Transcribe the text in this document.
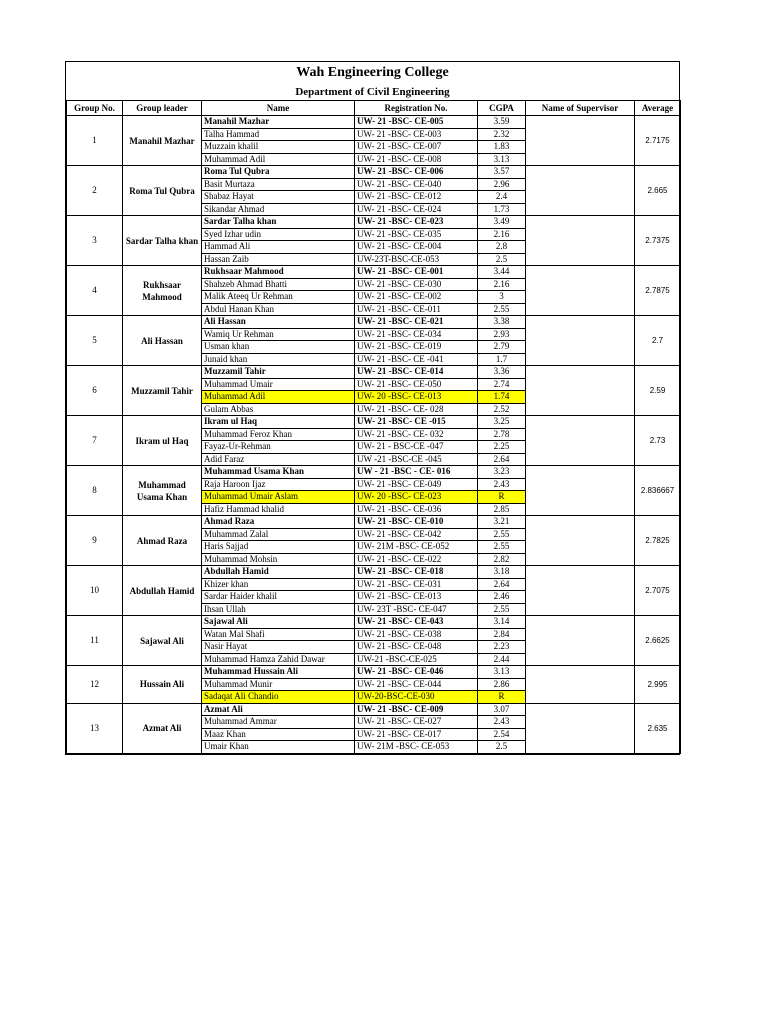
Wah Engineering College
Department of Civil Engineering
Group No.	Group leader	Name	Registration No.	CGPA	Name of Supervisor	Average
1	Manahil Mazhar	Manahil Mazhar	UW- 21 -BSC- CE-005	3.59		2.7175
		Talha Hammad	UW- 21 -BSC- CE-003	2.32		
		Muzzain khalil	UW- 21 -BSC- CE-007	1.83		
		Muhammad Adil	UW- 21 -BSC- CE-008	3.13		
2	Roma Tul Qubra	Roma Tul Qubra	UW- 21 -BSC- CE-006	3.57		2.665
		Basit Murtaza	UW- 21 -BSC- CE-040	2.96		
		Shabaz Hayat	UW- 21 -BSC- CE-012	2.4		
		Sikandar Ahmad	UW- 21 -BSC- CE-024	1.73		
3	Sardar Talha khan	Sardar Talha khan	UW- 21 -BSC- CE-023	3.49		2.7375
		Syed Izhar udin	UW- 21 -BSC- CE-035	2.16		
		Hammad Ali	UW- 21 -BSC- CE-004	2.8		
		Hassan Zaib	UW-23T-BSC-CE-053	2.5		
4	Rukhsaar Mahmood	Rukhsaar Mahmood	UW- 21 -BSC- CE-001	3.44		2.7875
		Shahzeb Ahmad Bhatti	UW- 21 -BSC- CE-030	2.16		
		Malik Ateeq Ur Rehman	UW- 21 -BSC- CE-002	3		
		Abdul Hanan Khan	UW- 21 -BSC- CE-011	2.55		
5	Ali Hassan	Ali Hassan	UW- 21 -BSC- CE-021	3.38		2.7
		Wamiq Ur Rehman	UW- 21 -BSC- CE-034	2.93		
		Usman khan	UW- 21 -BSC- CE-019	2.79		
		Junaid khan	UW- 21 -BSC- CE -041	1.7		
6	Muzzamil Tahir	Muzzamil Tahir	UW- 21 -BSC- CE-014	3.36		2.59
		Muhammad Umair	UW- 21 -BSC- CE-050	2.74		
		Muhammad Adil	UW- 20 -BSC- CE-013	1.74		
		Gulam Abbas	UW- 21 -BSC- CE- 028	2.52		
7	Ikram ul Haq	Ikram ul Haq	UW- 21 -BSC- CE -015	3.25		2.73
		Muhammad Feroz Khan	UW- 21 -BSC- CE- 032	2.78		
		Fayaz-Ur-Rehman	UW- 21 - BSC-CE -047	2.25		
		Adid Faraz	UW -21 -BSC-CE -045	2.64		
8	Muhammad Usama Khan	Muhammad Usama Khan	UW - 21 -BSC - CE- 016	3.23		2.836667
		Raja Haroon Ijaz	UW- 21 -BSC- CE-049	2.43		
		Muhammad Umair Aslam	UW- 20 -BSC- CE-023	R		
		Hafiz Hammad khalid	UW- 21 -BSC- CE-036	2.85		
9	Ahmad Raza	Ahmad Raza	UW- 21 -BSC- CE-010	3.21		2.7825
		Muhammad Zalal	UW- 21 -BSC- CE-042	2.55		
		Haris Sajjad	UW- 21M -BSC- CE-052	2.55		
		Muhammad Mohsin	UW- 21 -BSC- CE-022	2.82		
10	Abdullah Hamid	Abdullah Hamid	UW- 21 -BSC- CE-018	3.18		2.7075
		Khizer khan	UW- 21 -BSC- CE-031	2.64		
		Sardar Haider khalil	UW- 21 -BSC- CE-013	2.46		
		Ihsan Ullah	UW- 23T -BSC- CE-047	2.55		
11	Sajawal Ali	Sajawal Ali	UW- 21 -BSC- CE-043	3.14		2.6625
		Watan Mal Shafi	UW- 21 -BSC- CE-038	2.84		
		Nasir Hayat	UW- 21 -BSC- CE-048	2.23		
		Muhammad Hamza Zahid Dawar	UW-21 -BSC-CE-025	2.44		
12	Hussain Ali	Muhammad Hussain Ali	UW- 21 -BSC- CE-046	3.13		2.995
		Muhammad Munir	UW- 21 -BSC- CE-044	2.86		
		Sadaqat Ali Chandio	UW-20-BSC-CE-030	R		
13	Azmat Ali	Azmat Ali	UW- 21 -BSC- CE-009	3.07		2.635
		Muhammad Ammar	UW- 21 -BSC- CE-027	2.43		
		Maaz Khan	UW- 21 -BSC- CE-017	2.54		
		Umair Khan	UW- 21M -BSC- CE-053	2.5		
